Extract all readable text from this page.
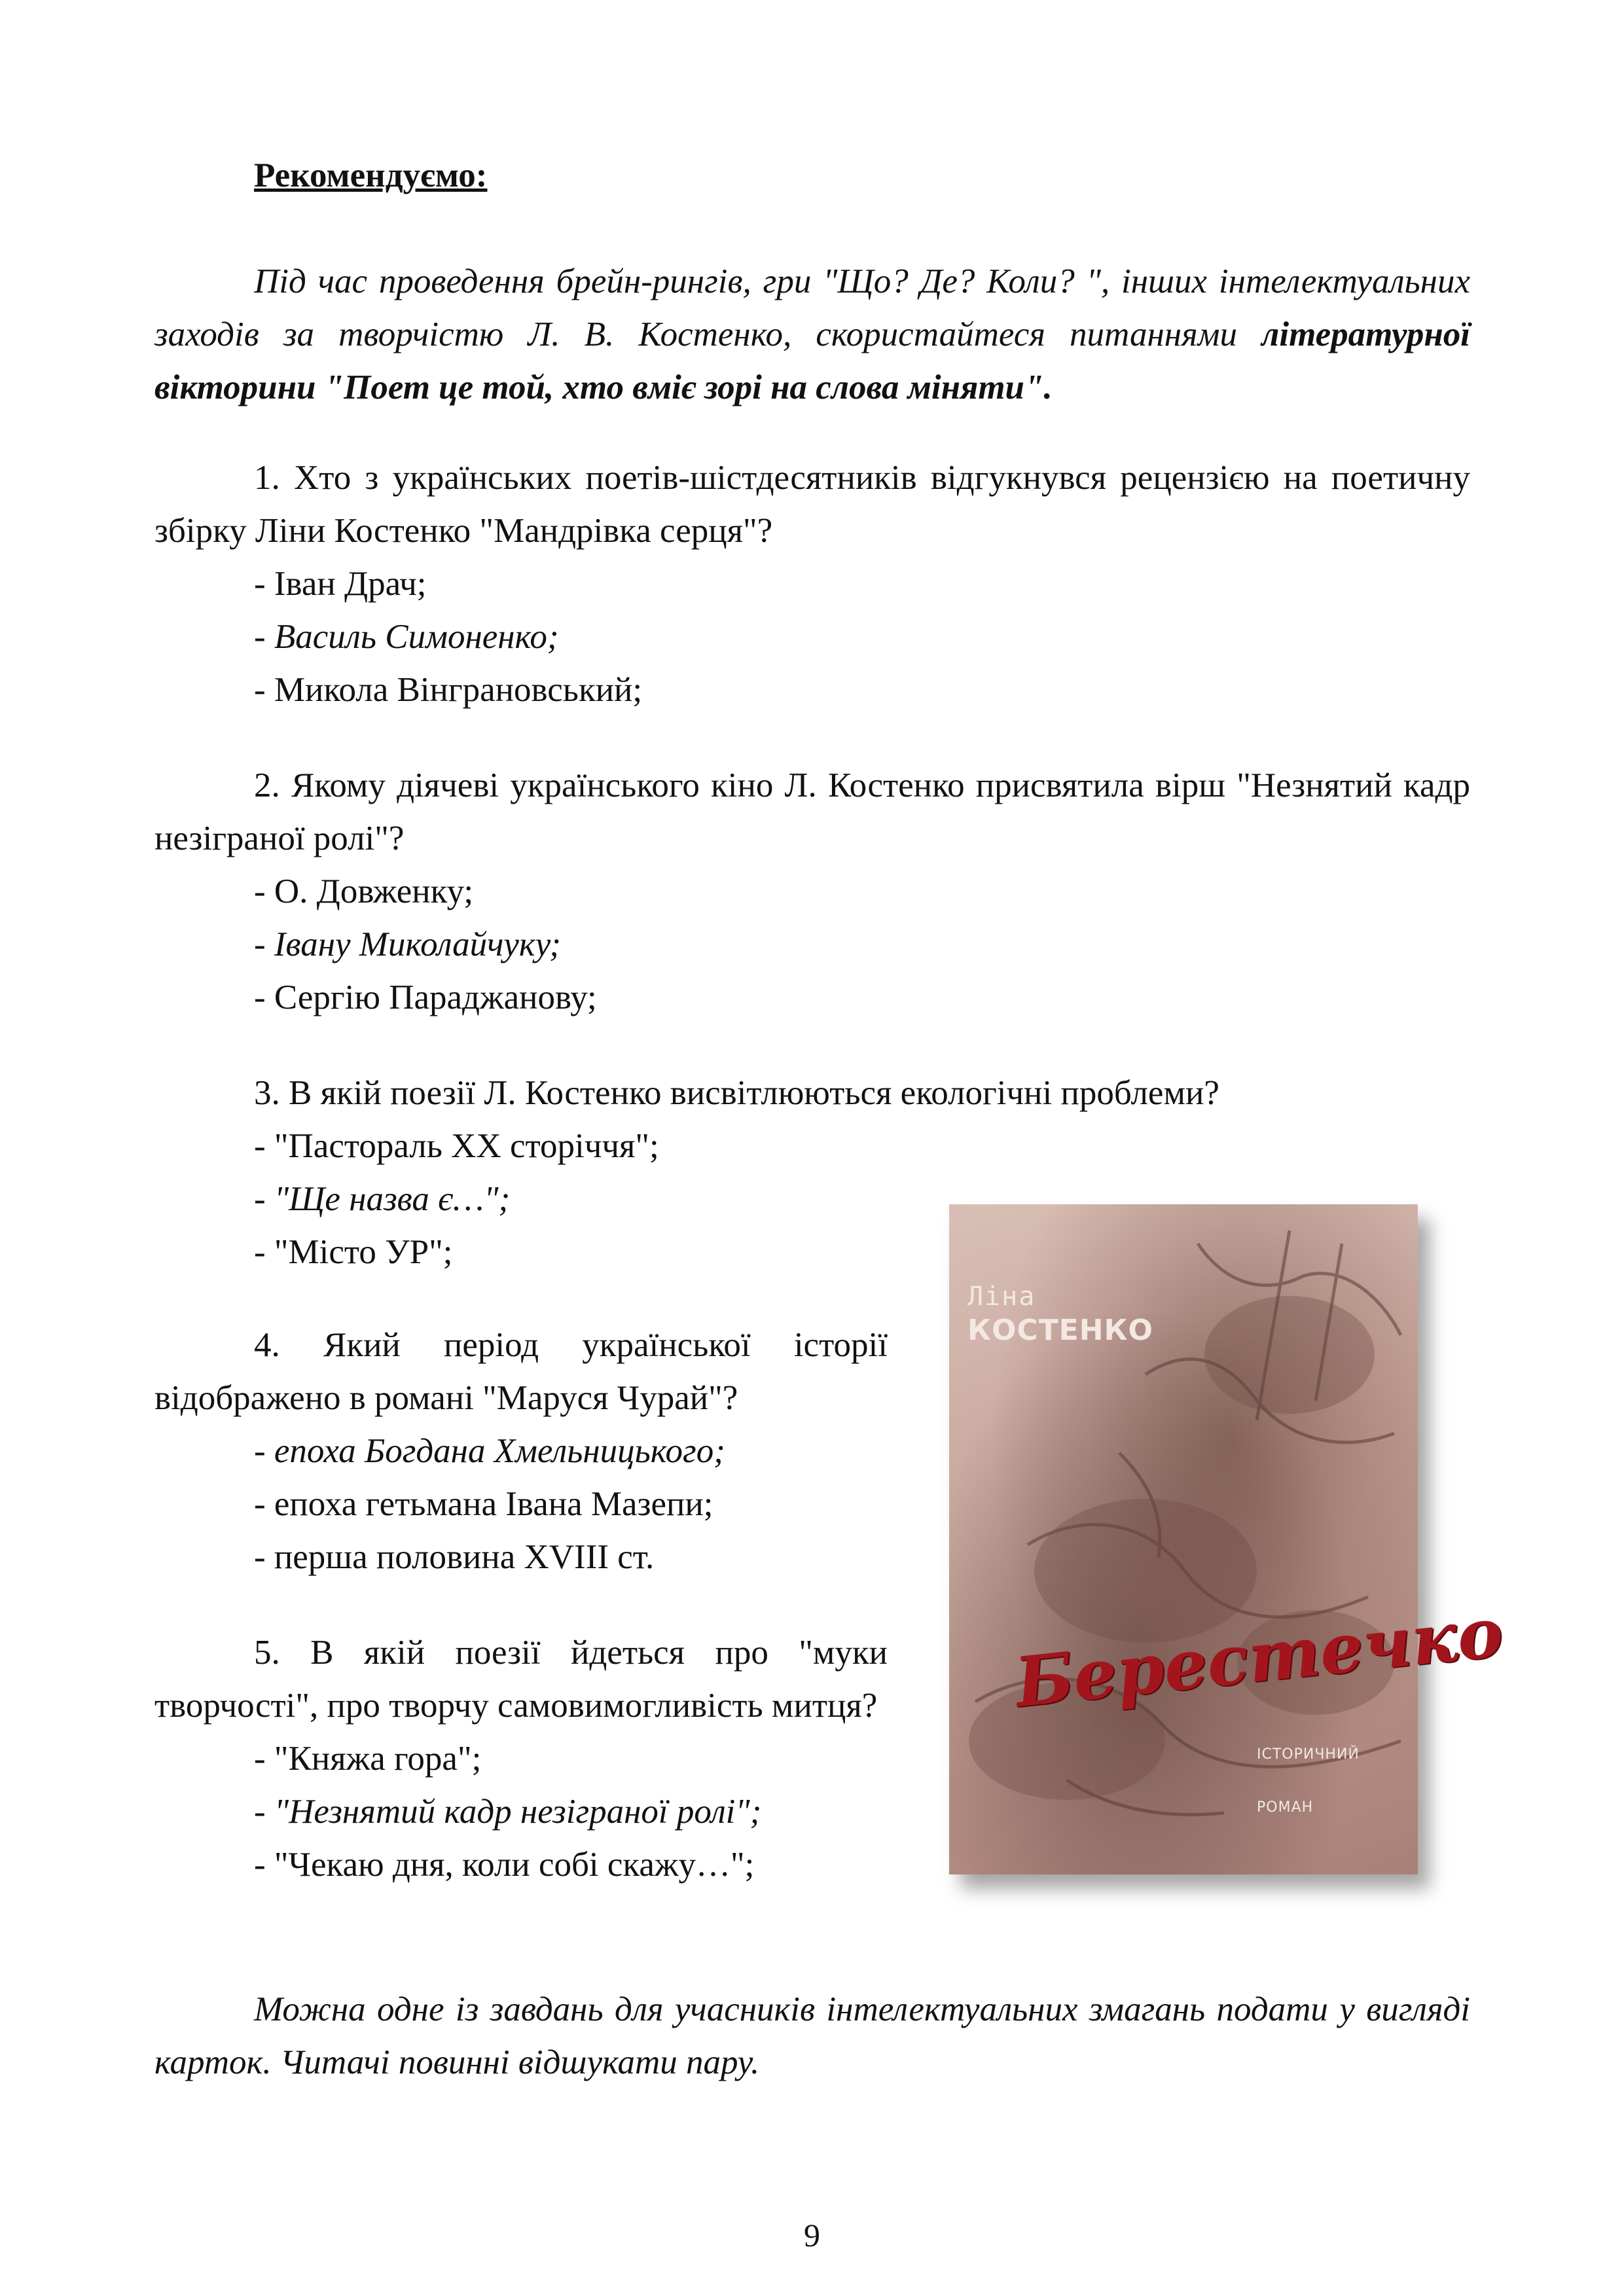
Рекомендуємо:

Під час проведення брейн-рингів, гри "Що? Де? Коли? ", інших інтелектуальних заходів за творчістю Л. В. Костенко, скористайтеся питаннями літературної вікторини "Поет це той, хто вміє зорі на слова міняти".

1. Хто з українських поетів-шістдесятників відгукнувся рецензією на поетичну збірку Ліни Костенко "Мандрівка серця"?
- Іван Драч;
- Василь Симоненко;
- Микола Вінграновський;
2. Якому діячеві українського кіно Л. Костенко присвятила вірш "Незнятий кадр незіграної ролі"?
- О. Довженку;
- Івану Миколайчуку;
- Сергію Параджанову;
3. В якій поезії Л. Костенко висвітлюються екологічні проблеми?
- "Пастораль ХХ сторіччя";
- "Ще назва є…";
- "Місто УР";
4. Який період української історії відображено в романі "Маруся Чурай"?
- епоха Богдана Хмельницького;
- епоха гетьмана Івана Мазепи;
- перша половина XVIII ст.
5. В якій поезії йдеться про "муки творчості", про творчу самовимогливість митця?
- "Княжа гора";
- "Незнятий кадр незіграної ролі";
- "Чекаю дня, коли собі скажу…";
Ліна
КОСТЕНКО
Берестечко
ІСТОРИЧНИЙ РОМАН

Можна одне із завдань для учасників інтелектуальних змагань подати у вигляді карток. Читачі повинні відшукати пару.

9
